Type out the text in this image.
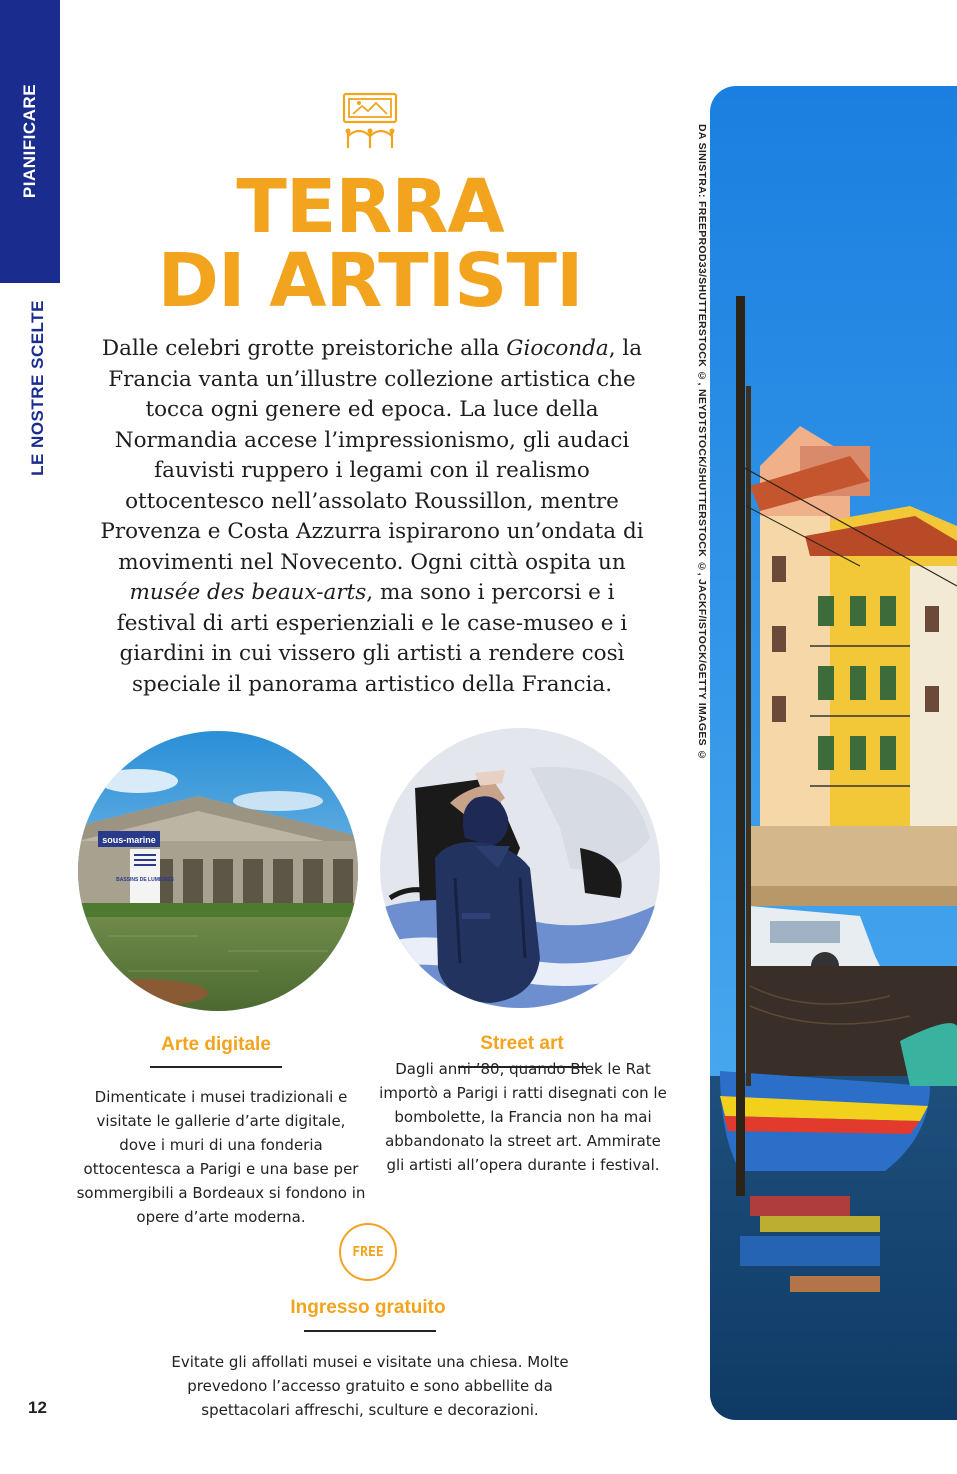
PIANIFICARE
LE NOSTRE SCELTE
TERRA
DI ARTISTI

Dalle celebri grotte preistoriche alla Gioconda, la Francia vanta un’illustre collezione artistica che tocca ogni genere ed epoca. La luce della Normandia accese l’impressionismo, gli audaci fauvisti ruppero i legami con il realismo ottocentesco nell’assolato Roussillon, mentre Provenza e Costa Azzurra ispirarono un’ondata di movimenti nel Novecento. Ogni città ospita un musée des beaux-arts, ma sono i percorsi e i festival di arti esperienziali e le case-museo e i giardini in cui vissero gli artisti a rendere così speciale il panorama artistico della Francia.

sous-marine
BASSINS DE LUMIÈRES
Arte digitale	Street art

Dimenticate i musei tradizionali e visitate le gallerie d’arte digitale, dove i muri di una fonderia ottocentesca a Parigi e una base per sommergibili a Bordeaux si fondono in opere d’arte moderna.

Dagli anni ’80, quando Blek le Rat importò a Parigi i ratti disegnati con le bombolette, la Francia non ha mai abbandonato la street art. Ammirate gli artisti all’opera durante i festival.

FREE
Ingresso gratuito

Evitate gli affollati musei e visitate una chiesa. Molte prevedono l’accesso gratuito e sono abbellite da spettacolari affreschi, sculture e decorazioni.

12
DA SINISTRA: FREEPROD33/SHUTTERSTOCK ©, NEYDTSTOCK/SHUTTERSTOCK ©, JACKF/ISTOCK/GETTY IMAGES ©
